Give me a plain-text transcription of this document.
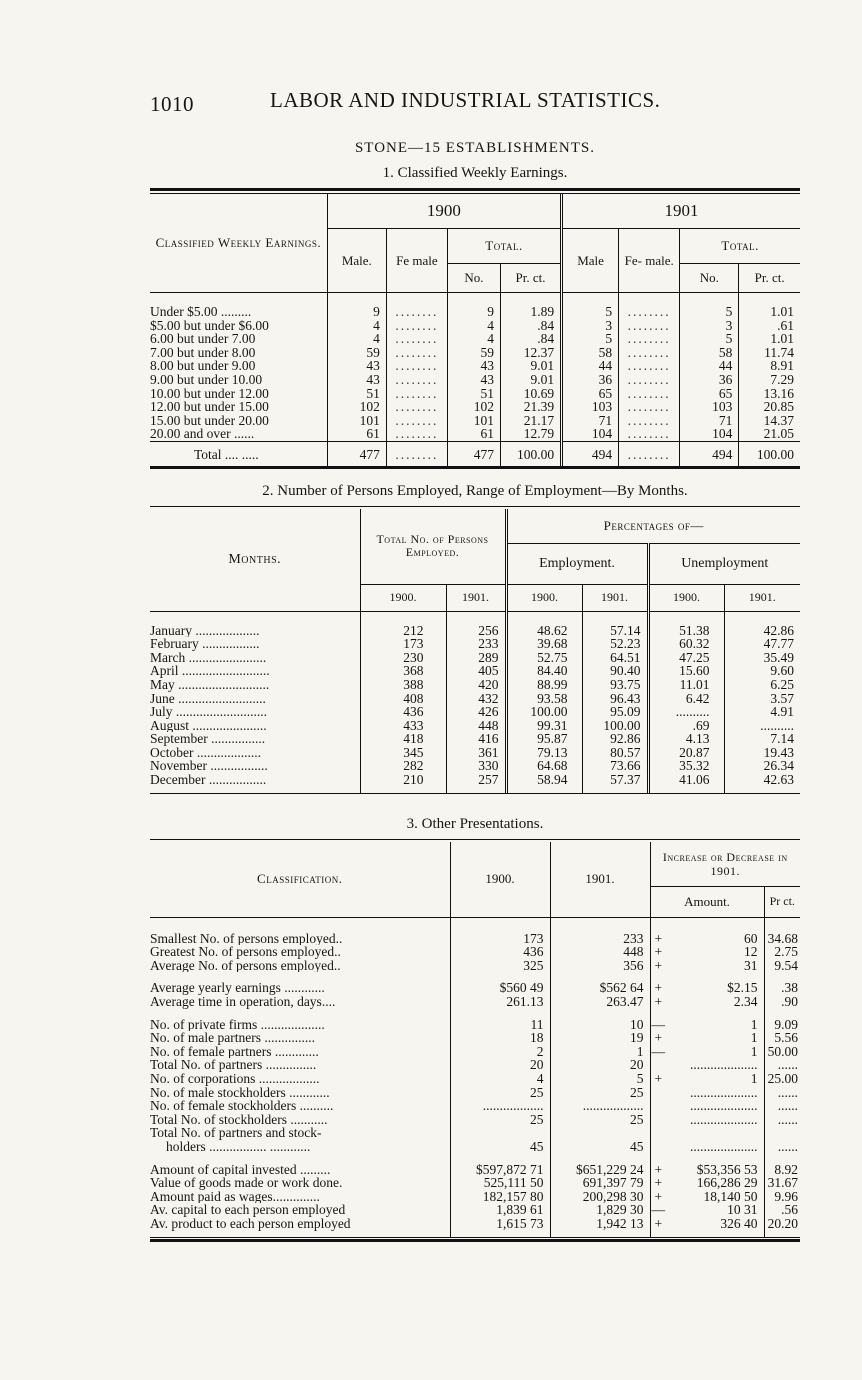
1010	LABOR AND INDUSTRIAL STATISTICS.
STONE—15 ESTABLISHMENTS.
1. Classified Weekly Earnings.
Classified Weekly Earnings.	1900				1901			
	Male.	Fe male	Total.		Male	Fe- male.	Total.	
			No.	Pr. ct.			No.	Pr. ct.

Under $5.00 .........	9	........	9	1.89	5	........	5	1.01
$5.00 but under $6.00	4	........	4	.84	3	........	3	.61
6.00 but under 7.00	4	........	4	.84	5	........	5	1.01
7.00 but under 8.00	59	........	59	12.37	58	........	58	11.74
8.00 but under 9.00	43	........	43	9.01	44	........	44	8.91
9.00 but under 10.00	43	........	43	9.01	36	........	36	7.29
10.00 but under 12.00	51	........	51	10.69	65	........	65	13.16
12.00 but under 15.00	102	........	102	21.39	103	........	103	20.85
15.00 but under 20.00	101	........	101	21.17	71	........	71	14.37
20.00 and over ......	61	........	61	12.79	104	........	104	21.05
Total .... .....	477	........	477	100.00	494	........	494	100.00
2. Number of Persons Employed, Range of Employment—By Months.
Months.	Total No. of Persons Employed.		Percentages of—			
			Employment.		Unemployment	
	1900.	1901.	1900.	1901.	1900.	1901.

January ...................	212	256	48.62	57.14	51.38	42.86
February .................	173	233	39.68	52.23	60.32	47.77
March .......................	230	289	52.75	64.51	47.25	35.49
April ..........................	368	405	84.40	90.40	15.60	9.60
May ...........................	388	420	88.99	93.75	11.01	6.25
June ..........................	408	432	93.58	96.43	6.42	3.57
July ...........................	436	426	100.00	95.09	..........	4.91
August ......................	433	448	99.31	100.00	.69	..........
September ................	418	416	95.87	92.86	4.13	7.14
October ...................	345	361	79.13	80.57	20.87	19.43
November .................	282	330	64.68	73.66	35.32	26.34
December .................	210	257	58.94	57.37	41.06	42.63

3. Other Presentations.
Classification.	1900.	1901.	Increase or Decrease in 1901.		
			Amount.		Pr ct.

Smallest No. of persons employed..	173	233	+	60	34.68
Greatest No. of persons employed..	436	448	+	12	2.75
Average No. of persons employed..	325	356	+	31	9.54

Average yearly earnings ............	$560 49	$562 64	+	$2.15	.38
Average time in operation, days....	261.13	263.47	+	2.34	.90

No. of private firms ...................	11	10	—	1	9.09
No. of male partners ...............	18	19	+	1	5.56
No. of female partners .............	2	1	—	1	50.00
Total No. of partners ...............	20	20		....................	......
No. of corporations ..................	4	5	+	1	25.00
No. of male stockholders ............	25	25		....................	......
No. of female stockholders ..........	..................	..................		....................	......
Total No. of stockholders ...........	25	25		....................	......
Total No. of partners and stock-					
holders ................. ............	45	45		....................	......

Amount of capital invested .........	$597,872 71	$651,229 24	+	$53,356 53	8.92
Value of goods made or work done.	525,111 50	691,397 79	+	166,286 29	31.67
Amount paid as wages..............	182,157 80	200,298 30	+	18,140 50	9.96
Av. capital to each person employed	1,839 61	1,829 30	—	10 31	.56
Av. product to each person employed	1,615 73	1,942 13	+	326 40	20.20
